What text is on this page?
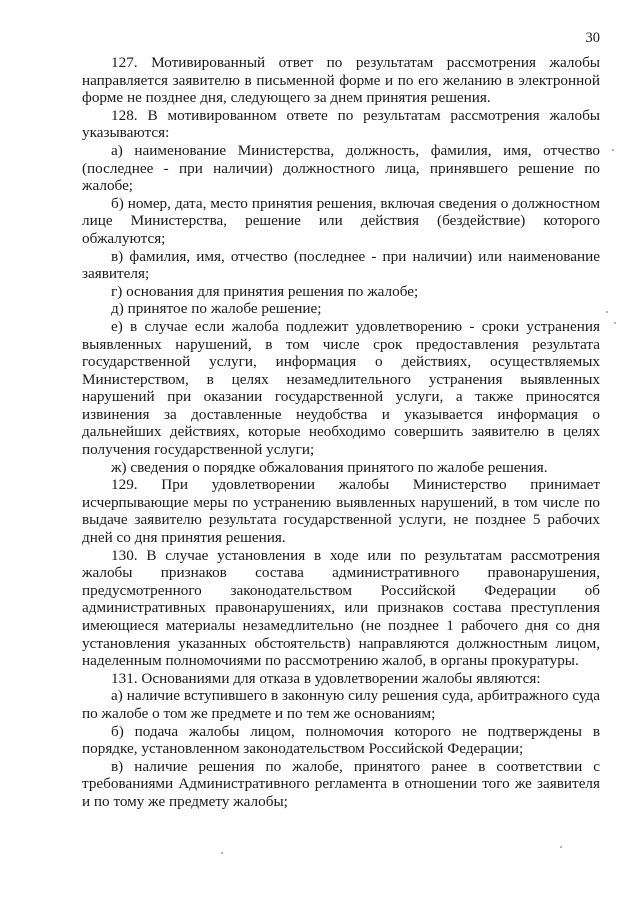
30

127. Мотивированный ответ по результатам рассмотрения жалобы направляется заявителю в письменной форме и по его желанию в электронной форме не позднее дня, следующего за днем принятия решения.

128. В мотивированном ответе по результатам рассмотрения жалобы указываются:

а) наименование Министерства, должность, фамилия, имя, отчество (последнее - при наличии) должностного лица, принявшего решение по жалобе;

б) номер, дата, место принятия решения, включая сведения о должностном лице Министерства, решение или действия (бездействие) которого обжалуются;

в) фамилия, имя, отчество (последнее - при наличии) или наименование заявителя;

г) основания для принятия решения по жалобе;

д) принятое по жалобе решение;

е) в случае если жалоба подлежит удовлетворению - сроки устранения выявленных нарушений, в том числе срок предоставления результата государственной услуги, информация о действиях, осуществляемых Министерством, в целях незамедлительного устранения выявленных нарушений при оказании государственной услуги, а также приносятся извинения за доставленные неудобства и указывается информация о дальнейших действиях, которые необходимо совершить заявителю в целях получения государственной услуги;

ж) сведения о порядке обжалования принятого по жалобе решения.

129. При удовлетворении жалобы Министерство принимает исчерпывающие меры по устранению выявленных нарушений, в том числе по выдаче заявителю результата государственной услуги, не позднее 5 рабочих дней со дня принятия решения.

130. В случае установления в ходе или по результатам рассмотрения жалобы признаков состава административного правонарушения, предусмотренного законодательством Российской Федерации об административных правонарушениях, или признаков состава преступления имеющиеся материалы незамедлительно (не позднее 1 рабочего дня со дня установления указанных обстоятельств) направляются должностным лицом, наделенным полномочиями по рассмотрению жалоб, в органы прокуратуры.

131. Основаниями для отказа в удовлетворении жалобы являются:

а) наличие вступившего в законную силу решения суда, арбитражного суда по жалобе о том же предмете и по тем же основаниям;

б) подача жалобы лицом, полномочия которого не подтверждены в порядке, установленном законодательством Российской Федерации;

в) наличие решения по жалобе, принятого ранее в соответствии с требованиями Административного регламента в отношении того же заявителя и по тому же предмету жалобы;
